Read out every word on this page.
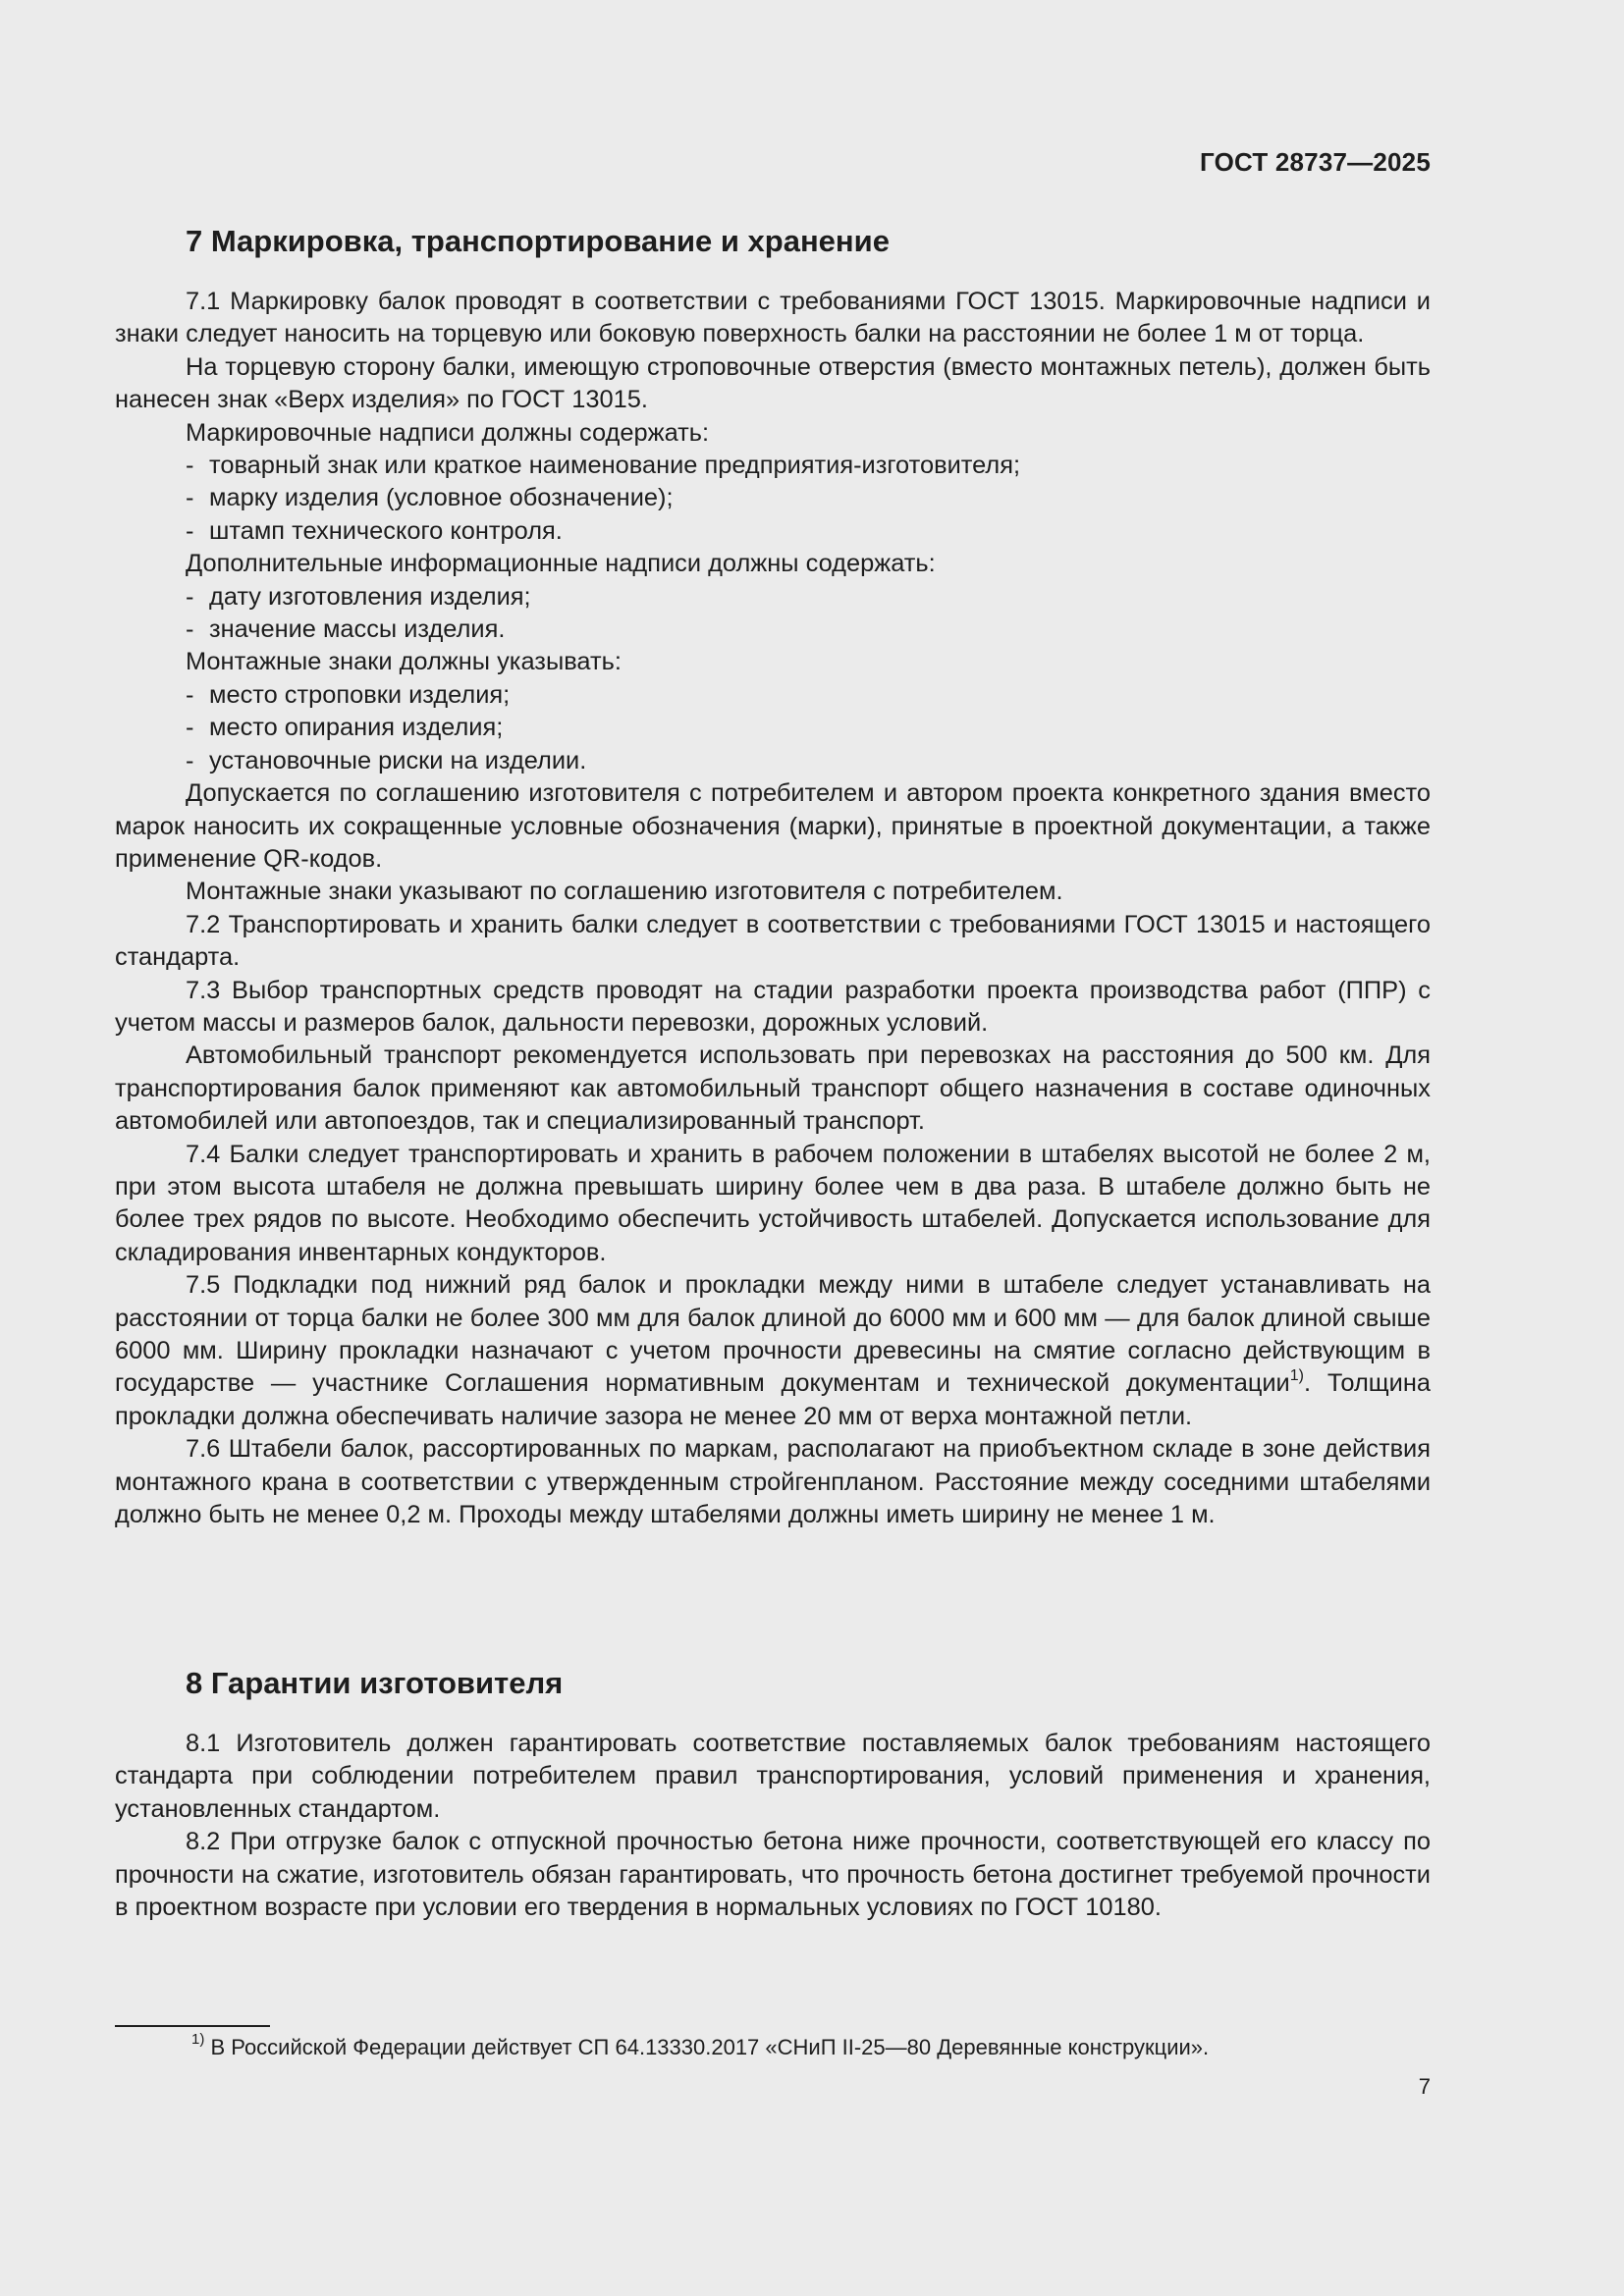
ГОСТ 28737—2025
7 Маркировка, транспортирование и хранение

7.1 Маркировку балок проводят в соответствии с требованиями ГОСТ 13015. Маркировочные надписи и знаки следует наносить на торцевую или боковую поверхность балки на расстоянии не более 1 м от торца.

На торцевую сторону балки, имеющую строповочные отверстия (вместо монтажных петель), должен быть нанесен знак «Верх изделия» по ГОСТ 13015.

Маркировочные надписи должны содержать:

- товарный знак или краткое наименование предприятия-изготовителя;

- марку изделия (условное обозначение);

- штамп технического контроля.

Дополнительные информационные надписи должны содержать:

- дату изготовления изделия;

- значение массы изделия.

Монтажные знаки должны указывать:

- место строповки изделия;

- место опирания изделия;

- установочные риски на изделии.

Допускается по соглашению изготовителя с потребителем и автором проекта конкретного здания вместо марок наносить их сокращенные условные обозначения (марки), принятые в проектной документации, а также применение QR-кодов.

Монтажные знаки указывают по соглашению изготовителя с потребителем.

7.2 Транспортировать и хранить балки следует в соответствии с требованиями ГОСТ 13015 и настоящего стандарта.

7.3 Выбор транспортных средств проводят на стадии разработки проекта производства работ (ППР) с учетом массы и размеров балок, дальности перевозки, дорожных условий.

Автомобильный транспорт рекомендуется использовать при перевозках на расстояния до 500 км. Для транспортирования балок применяют как автомобильный транспорт общего назначения в составе одиночных автомобилей или автопоездов, так и специализированный транспорт.

7.4 Балки следует транспортировать и хранить в рабочем положении в штабелях высотой не более 2 м, при этом высота штабеля не должна превышать ширину более чем в два раза. В штабеле должно быть не более трех рядов по высоте. Необходимо обеспечить устойчивость штабелей. Допускается использование для складирования инвентарных кондукторов.

7.5 Подкладки под нижний ряд балок и прокладки между ними в штабеле следует устанавливать на расстоянии от торца балки не более 300 мм для балок длиной до 6000 мм и 600 мм — для балок длиной свыше 6000 мм. Ширину прокладки назначают с учетом прочности древесины на смятие согласно действующим в государстве — участнике Соглашения нормативным документам и технической документации$^{1)}$. Толщина прокладки должна обеспечивать наличие зазора не менее 20 мм от верха монтажной петли.

7.6 Штабели балок, рассортированных по маркам, располагают на приобъектном складе в зоне действия монтажного крана в соответствии с утвержденным стройгенпланом. Расстояние между соседними штабелями должно быть не менее 0,2 м. Проходы между штабелями должны иметь ширину не менее 1 м.

8 Гарантии изготовителя

8.1 Изготовитель должен гарантировать соответствие поставляемых балок требованиям настоящего стандарта при соблюдении потребителем правил транспортирования, условий применения и хранения, установленных стандартом.

8.2 При отгрузке балок с отпускной прочностью бетона ниже прочности, соответствующей его классу по прочности на сжатие, изготовитель обязан гарантировать, что прочность бетона достигнет требуемой прочности в проектном возрасте при условии его твердения в нормальных условиях по ГОСТ 10180.

$^{1)}$ В Российской Федерации действует СП 64.13330.2017 «СНиП II-25—80 Деревянные конструкции».
7
